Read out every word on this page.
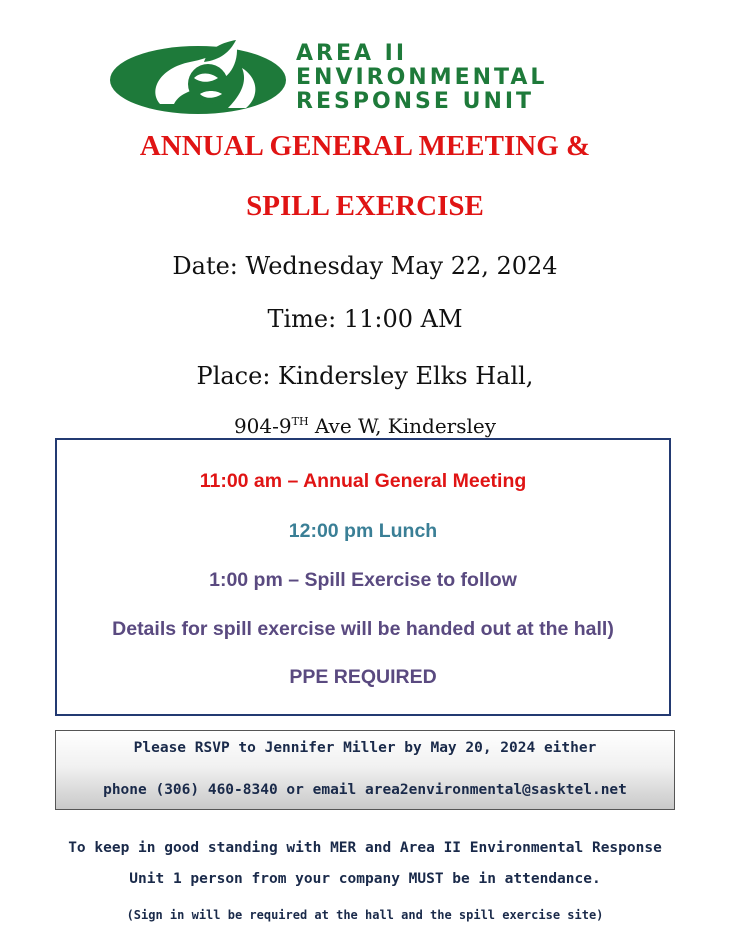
AREA II
ENVIRONMENTAL
RESPONSE UNIT
ANNUAL GENERAL MEETING &
SPILL EXERCISE
Date: Wednesday May 22, 2024
Time: 11:00 AM
Place: Kindersley Elks Hall,
904-9TH Ave W, Kindersley
11:00 am – Annual General Meeting
12:00 pm Lunch
1:00 pm – Spill Exercise to follow
Details for spill exercise will be handed out at the hall)
PPE REQUIRED
Please RSVP to Jennifer Miller by May 20, 2024 either
phone (306) 460-8340 or email area2environmental@sasktel.net
To keep in good standing with MER and Area II Environmental Response
Unit 1 person from your company MUST be in attendance.
(Sign in will be required at the hall and the spill exercise site)
